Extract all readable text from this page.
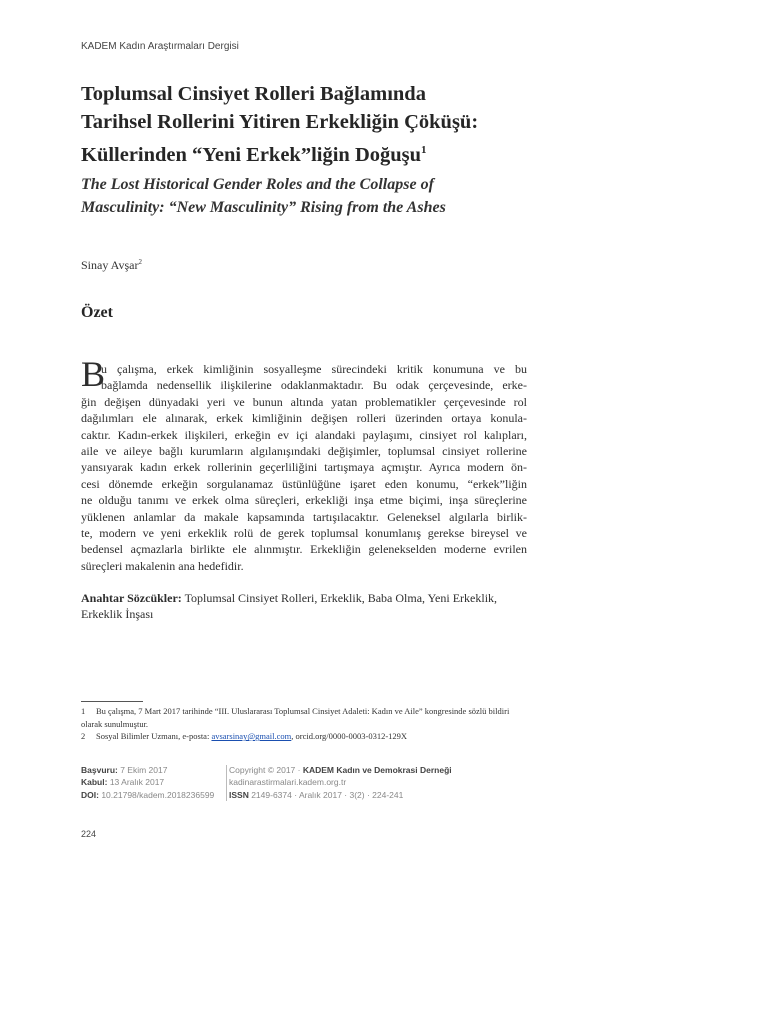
KADEM Kadın Araştırmaları Dergisi
Toplumsal Cinsiyet Rolleri Bağlamında
Tarihsel Rollerini Yitiren Erkekliğin Çöküşü:
Küllerinden “Yeni Erkek”liğin Doğuşu$^1$
The Lost Historical Gender Roles and the Collapse of
Masculinity: “New Masculinity” Rising from the Ashes
Sinay Avşar$^2$
Özet
B
u çalışma, erkek kimliğinin sosyalleşme sürecindeki kritik konumuna ve bu
bağlamda nedensellik ilişkilerine odaklanmaktadır. Bu odak çerçevesinde, erke-
ğin değişen dünyadaki yeri ve bunun altında yatan problematikler çerçevesinde rol
dağılımları ele alınarak, erkek kimliğinin değişen rolleri üzerinden ortaya konula-
caktır. Kadın-erkek ilişkileri, erkeğin ev içi alandaki paylaşımı, cinsiyet rol kalıpları,
aile ve aileye bağlı kurumların algılanışındaki değişimler, toplumsal cinsiyet rollerine
yansıyarak kadın erkek rollerinin geçerliliğini tartışmaya açmıştır. Ayrıca modern ön-
cesi dönemde erkeğin sorgulanamaz üstünlüğüne işaret eden konumu, “erkek”liğin
ne olduğu tanımı ve erkek olma süreçleri, erkekliği inşa etme biçimi, inşa süreçlerine
yüklenen anlamlar da makale kapsamında tartışılacaktır. Geleneksel algılarla birlik-
te, modern ve yeni erkeklik rolü de gerek toplumsal konumlanış gerekse bireysel ve
bedensel açmazlarla birlikte ele alınmıştır. Erkekliğin gelenekselden moderne evrilen
süreçleri makalenin ana hedefidir.
Anahtar Sözcükler: Toplumsal Cinsiyet Rolleri, Erkeklik, Baba Olma, Yeni Erkeklik, Erkeklik İnşası
1 Bu çalışma, 7 Mart 2017 tarihinde “III. Uluslararası Toplumsal Cinsiyet Adaleti: Kadın ve Aile” kongresinde sözlü bildiri olarak sunulmuştur.
2 Sosyal Bilimler Uzmanı, e-posta: avsarsinay@gmail.com, orcid.org/0000-0003-0312-129X
Başvuru: 7 Ekim 2017
Kabul: 13 Aralık 2017
DOI: 10.21798/kadem.2018236599
Copyright © 2017 · KADEM Kadın ve Demokrasi Derneği
kadinarastirmalari.kadem.org.tr
ISSN 2149-6374 · Aralık 2017 · 3(2) · 224-241
224
